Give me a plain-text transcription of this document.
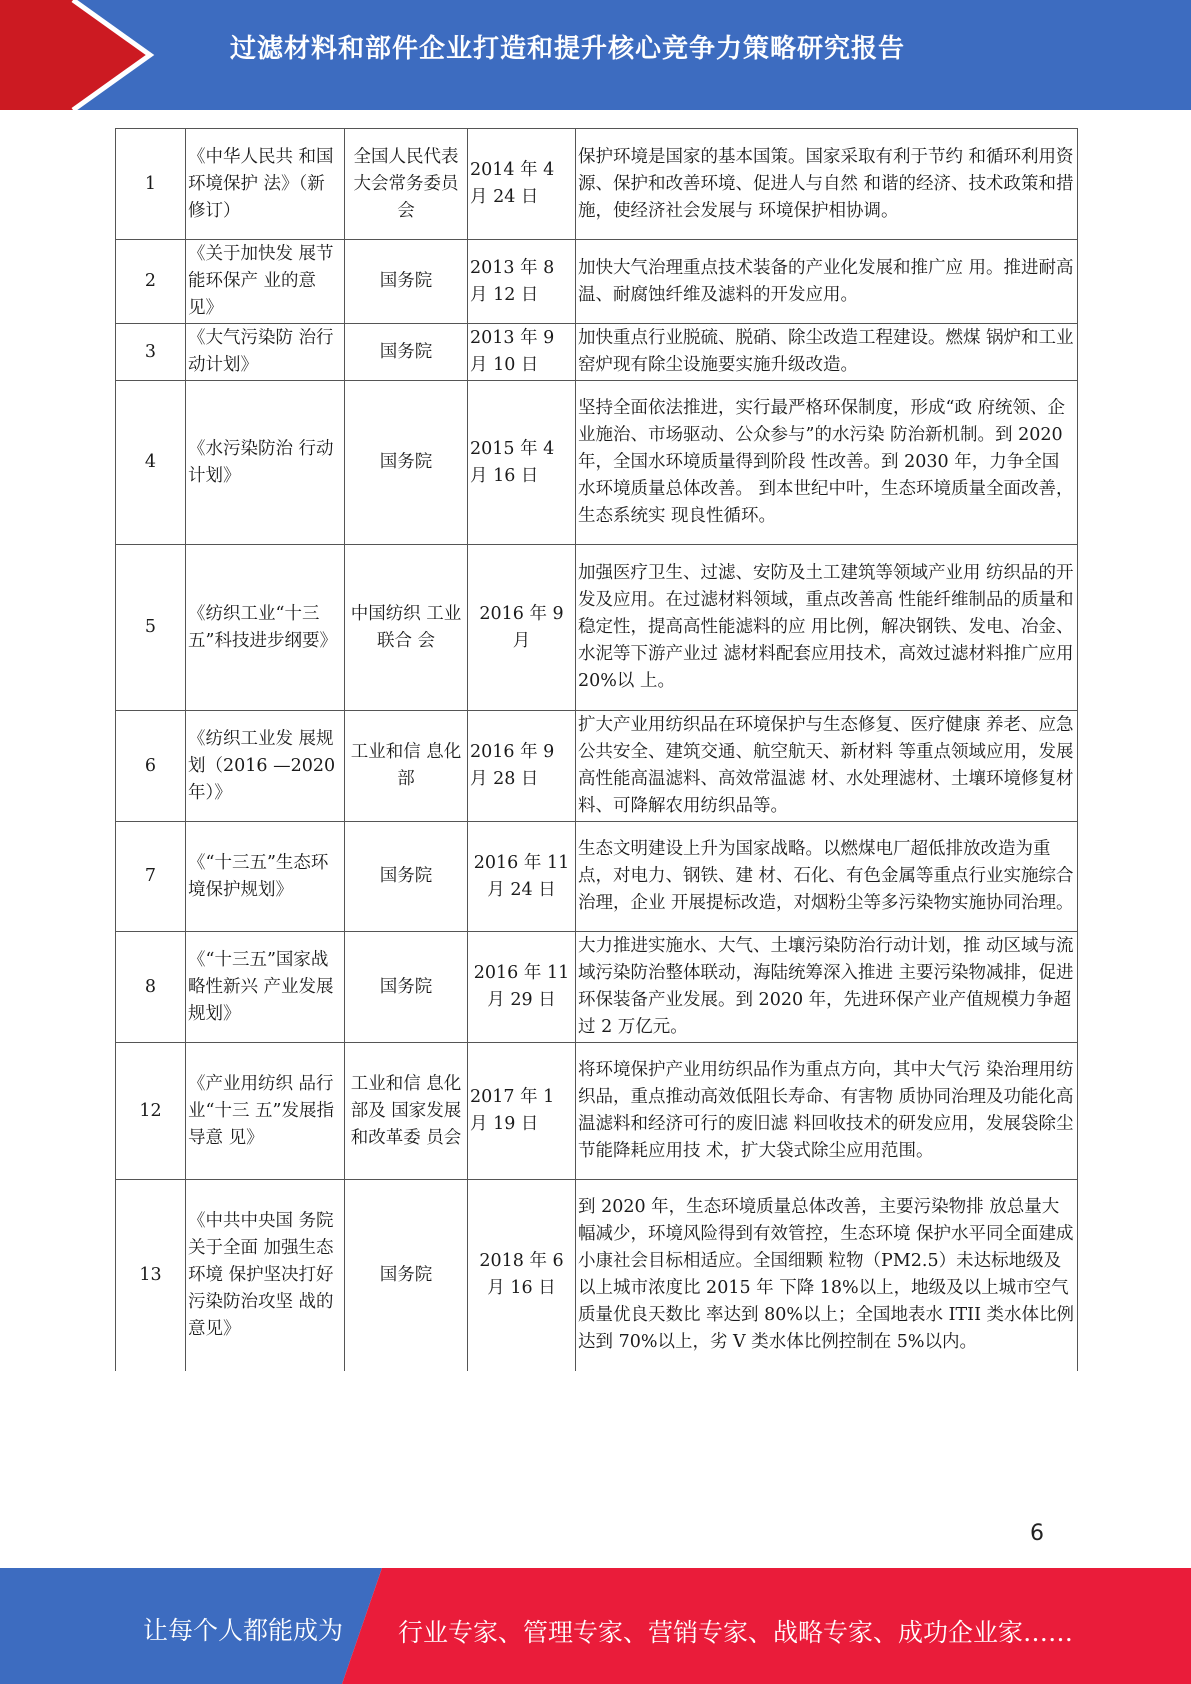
过滤材料和部件企业打造和提升核心竞争力策略研究报告
1	《中华人民共 和国环境保护 法》（新修订）	全国人民代表大会常务委员会	2014 年 4 月 24 日	保护环境是国家的基本国策。国家采取有利于节约 和循环利用资源、保护和改善环境、促进人与自然 和谐的经济、技术政策和措施，使经济社会发展与 环境保护相协调。
2	《关于加快发 展节能环保产 业的意见》	国务院	2013 年 8 月 12 日	加快大气治理重点技术装备的产业化发展和推广应 用。推进耐高温、耐腐蚀纤维及滤料的开发应用。
3	《大气污染防 治行动计划》	国务院	2013 年 9 月 10 日	加快重点行业脱硫、脱硝、除尘改造工程建设。燃煤 锅炉和工业窑炉现有除尘设施要实施升级改造。
4	《水污染防治 行动计划》	国务院	2015 年 4 月 16 日	坚持全面依法推进，实行最严格环保制度，形成“政 府统领、企业施治、市场驱动、公众参与”的水污染 防治新机制。到 2020 年，全国水环境质量得到阶段 性改善。到 2030 年，力争全国水环境质量总体改善。 到本世纪中叶，生态环境质量全面改善，生态系统实 现良性循环。
5	《纺织工业“十三五”科技进步纲要》	中国纺织 工业联合 会	2016 年 9 月	加强医疗卫生、过滤、安防及土工建筑等领域产业用 纺织品的开发及应用。在过滤材料领域，重点改善高 性能纤维制品的质量和稳定性，提高高性能滤料的应 用比例，解决钢铁、发电、冶金、水泥等下游产业过 滤材料配套应用技术，高效过滤材料推广应用 20%以 上。
6	《纺织工业发 展规划（2016 —2020 年）》	工业和信 息化部	2016 年 9 月 28 日	扩大产业用纺织品在环境保护与生态修复、医疗健康 养老、应急公共安全、建筑交通、航空航天、新材料 等重点领域应用，发展高性能高温滤料、高效常温滤 材、水处理滤材、土壤环境修复材料、可降解农用纺织品等。
7	《“十三五”生态环境保护规划》	国务院	2016 年 11 月 24 日	生态文明建设上升为国家战略。以燃煤电厂超低排放改造为重点，对电力、钢铁、建 材、石化、有色金属等重点行业实施综合治理，企业 开展提标改造，对烟粉尘等多污染物实施协同治理。
8	《“十三五”国家战略性新兴 产业发展规划》	国务院	2016 年 11 月 29 日	大力推进实施水、大气、土壤污染防治行动计划，推 动区域与流域污染防治整体联动，海陆统筹深入推进 主要污染物减排，促进环保装备产业发展。到 2020 年，先进环保产业产值规模力争超过 2 万亿元。
12	《产业用纺织 品行业“十三 五”发展指导意 见》	工业和信 息化部及 国家发展 和改革委 员会	2017 年 1 月 19 日	将环境保护产业用纺织品作为重点方向，其中大气污 染治理用纺织品，重点推动高效低阻长寿命、有害物 质协同治理及功能化高温滤料和经济可行的废旧滤 料回收技术的研发应用，发展袋除尘节能降耗应用技 术，扩大袋式除尘应用范围。
13	《中共中央国 务院关于全面 加强生态环境 保护坚决打好 污染防治攻坚 战的意见》	国务院	2018 年 6 月 16 日	到 2020 年，生态环境质量总体改善，主要污染物排 放总量大幅减少，环境风险得到有效管控，生态环境 保护水平同全面建成小康社会目标相适应。全国细颗 粒物（PM2.5）未达标地级及以上城市浓度比 2015 年 下降 18%以上，地级及以上城市空气质量优良天数比 率达到 80%以上；全国地表水 ITII 类水体比例达到 70%以上，劣 V 类水体比例控制在 5%以内。
6
让每个人都能成为 行业专家、管理专家、营销专家、战略专家、成功企业家……
